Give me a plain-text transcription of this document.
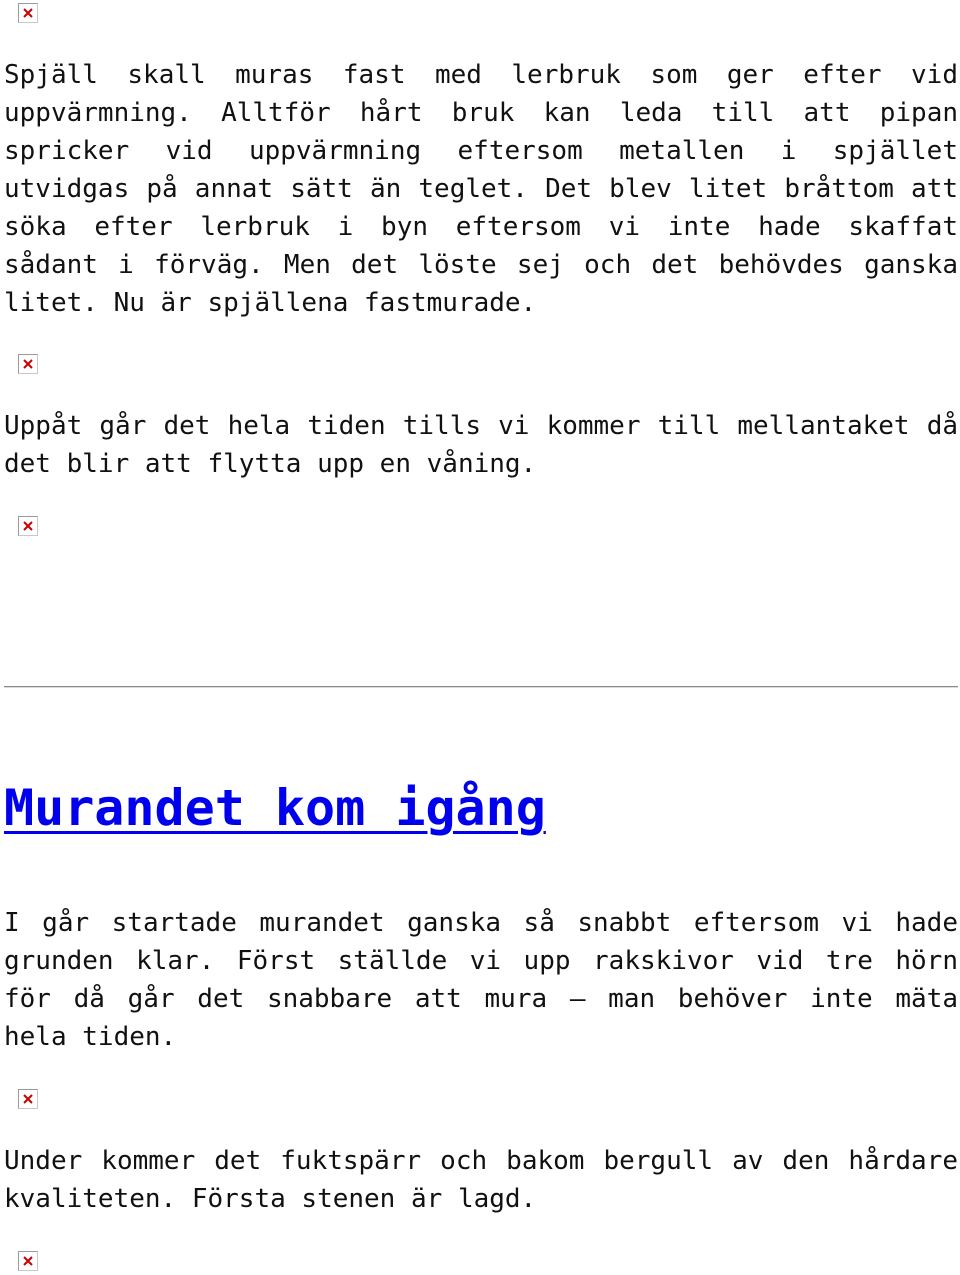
Spjäll skall muras fast med lerbruk som ger efter vid uppvärmning. Alltför hårt bruk kan leda till att pipan spricker vid uppvärmning eftersom metallen i spjället utvidgas på annat sätt än teglet. Det blev litet bråttom att söka efter lerbruk i byn eftersom vi inte hade skaffat sådant i förväg. Men det löste sej och det behövdes ganska litet. Nu är spjällena fastmurade.

Uppåt går det hela tiden tills vi kommer till mellantaket då det blir att flytta upp en våning.

Murandet kom igång

I går startade murandet ganska så snabbt eftersom vi hade grunden klar. Först ställde vi upp rakskivor vid tre hörn för då går det snabbare att mura – man behöver inte mäta hela tiden.

Under kommer det fuktspärr och bakom bergull av den hårdare kvaliteten. Första stenen är lagd.
